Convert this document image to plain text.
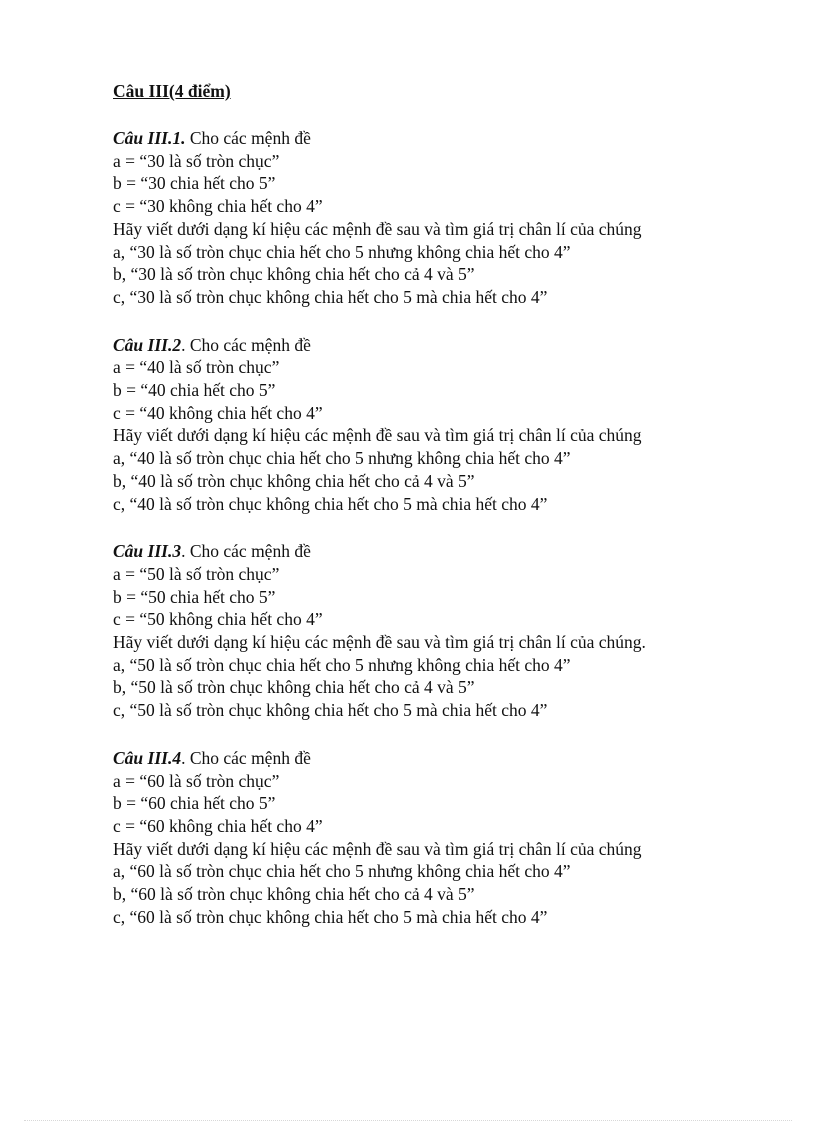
Câu III(4 điểm)
Câu III.1. Cho các mệnh đề
a = “30 là số tròn chục”
b = “30 chia hết cho 5”
c = “30 không chia hết cho 4”
Hãy viết dưới dạng kí hiệu các mệnh đề sau và tìm giá trị chân lí của chúng
a, “30 là số tròn chục chia hết cho 5 nhưng không chia hết cho 4”
b, “30 là số tròn chục không chia hết cho cả 4 và 5”
c, “30 là số tròn chục không chia hết cho 5 mà chia hết cho 4”
Câu III.2. Cho các mệnh đề
a = “40 là số tròn chục”
b = “40 chia hết cho 5”
c = “40 không chia hết cho 4”
Hãy viết dưới dạng kí hiệu các mệnh đề sau và tìm giá trị chân lí của chúng
a, “40 là số tròn chục chia hết cho 5 nhưng không chia hết cho 4”
b, “40 là số tròn chục không chia hết cho cả 4 và 5”
c, “40 là số tròn chục không chia hết cho 5 mà chia hết cho 4”
Câu III.3. Cho các mệnh đề
a = “50 là số tròn chục”
b = “50 chia hết cho 5”
c = “50 không chia hết cho 4”
Hãy viết dưới dạng kí hiệu các mệnh đề sau và tìm giá trị chân lí của chúng.
a, “50 là số tròn chục chia hết cho 5 nhưng không chia hết cho 4”
b, “50 là số tròn chục không chia hết cho cả 4 và 5”
c, “50 là số tròn chục không chia hết cho 5 mà chia hết cho 4”
Câu III.4. Cho các mệnh đề
a = “60 là số tròn chục”
b = “60 chia hết cho 5”
c = “60 không chia hết cho 4”
Hãy viết dưới dạng kí hiệu các mệnh đề sau và tìm giá trị chân lí của chúng
a, “60 là số tròn chục chia hết cho 5 nhưng không chia hết cho 4”
b, “60 là số tròn chục không chia hết cho cả 4 và 5”
c, “60 là số tròn chục không chia hết cho 5 mà chia hết cho 4”
